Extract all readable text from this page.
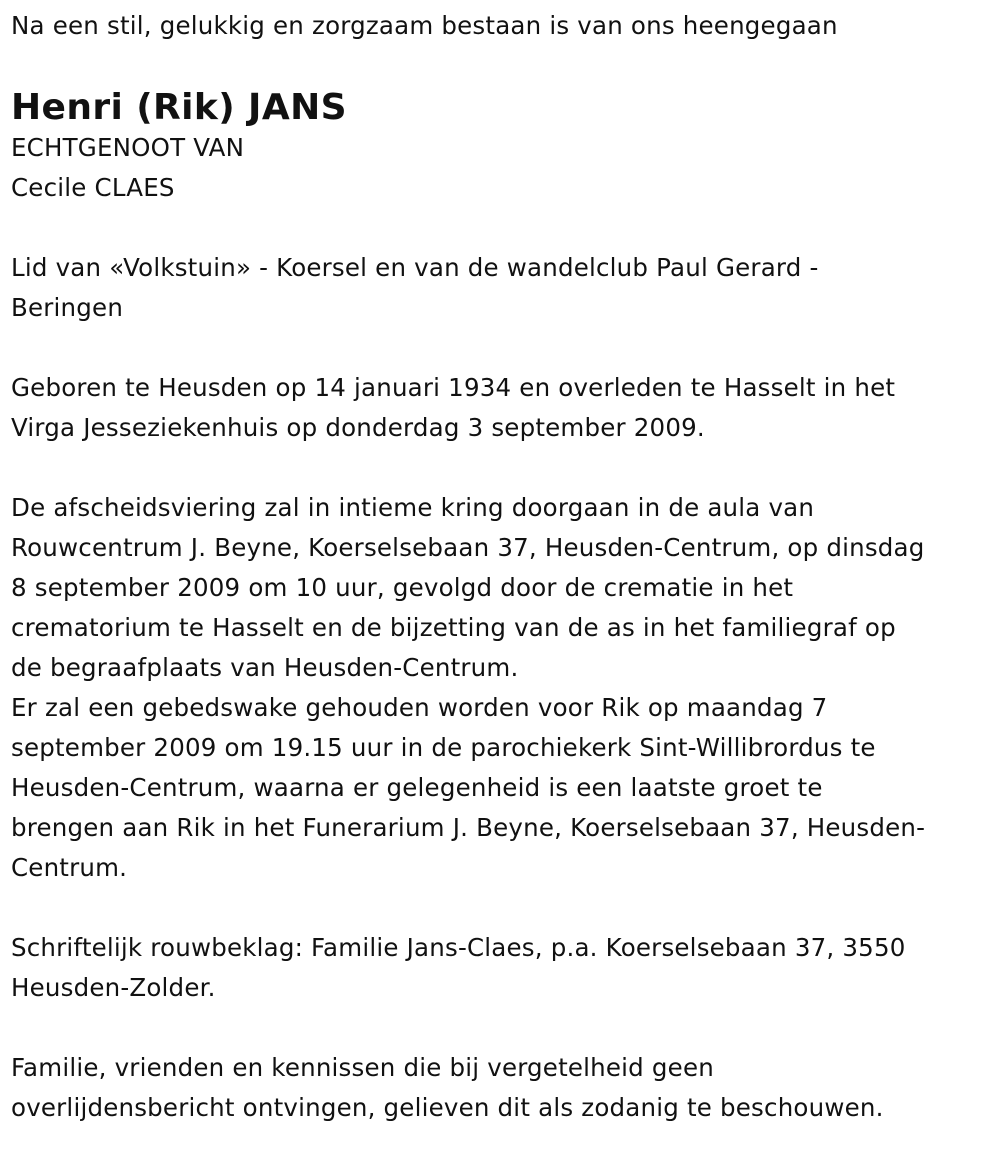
Na een stil, gelukkig en zorgzaam bestaan is van ons heengegaan

Henri (Rik) JANS

ECHTGENOOT VAN

Cecile CLAES

Lid van «Volkstuin» - Koersel en van de wandelclub Paul Gerard -

Beringen

Geboren te Heusden op 14 januari 1934 en overleden te Hasselt in het

Virga Jesseziekenhuis op donderdag 3 september 2009.

De afscheidsviering zal in intieme kring doorgaan in de aula van

Rouwcentrum J. Beyne, Koerselsebaan 37, Heusden-Centrum, op dinsdag

8 september 2009 om 10 uur, gevolgd door de crematie in het

crematorium te Hasselt en de bijzetting van de as in het familiegraf op

de begraafplaats van Heusden-Centrum.

Er zal een gebedswake gehouden worden voor Rik op maandag 7

september 2009 om 19.15 uur in de parochiekerk Sint-Willibrordus te

Heusden-Centrum, waarna er gelegenheid is een laatste groet te

brengen aan Rik in het Funerarium J. Beyne, Koerselsebaan 37, Heusden-

Centrum.

Schriftelijk rouwbeklag: Familie Jans-Claes, p.a. Koerselsebaan 37, 3550

Heusden-Zolder.

Familie, vrienden en kennissen die bij vergetelheid geen

overlijdensbericht ontvingen, gelieven dit als zodanig te beschouwen.
